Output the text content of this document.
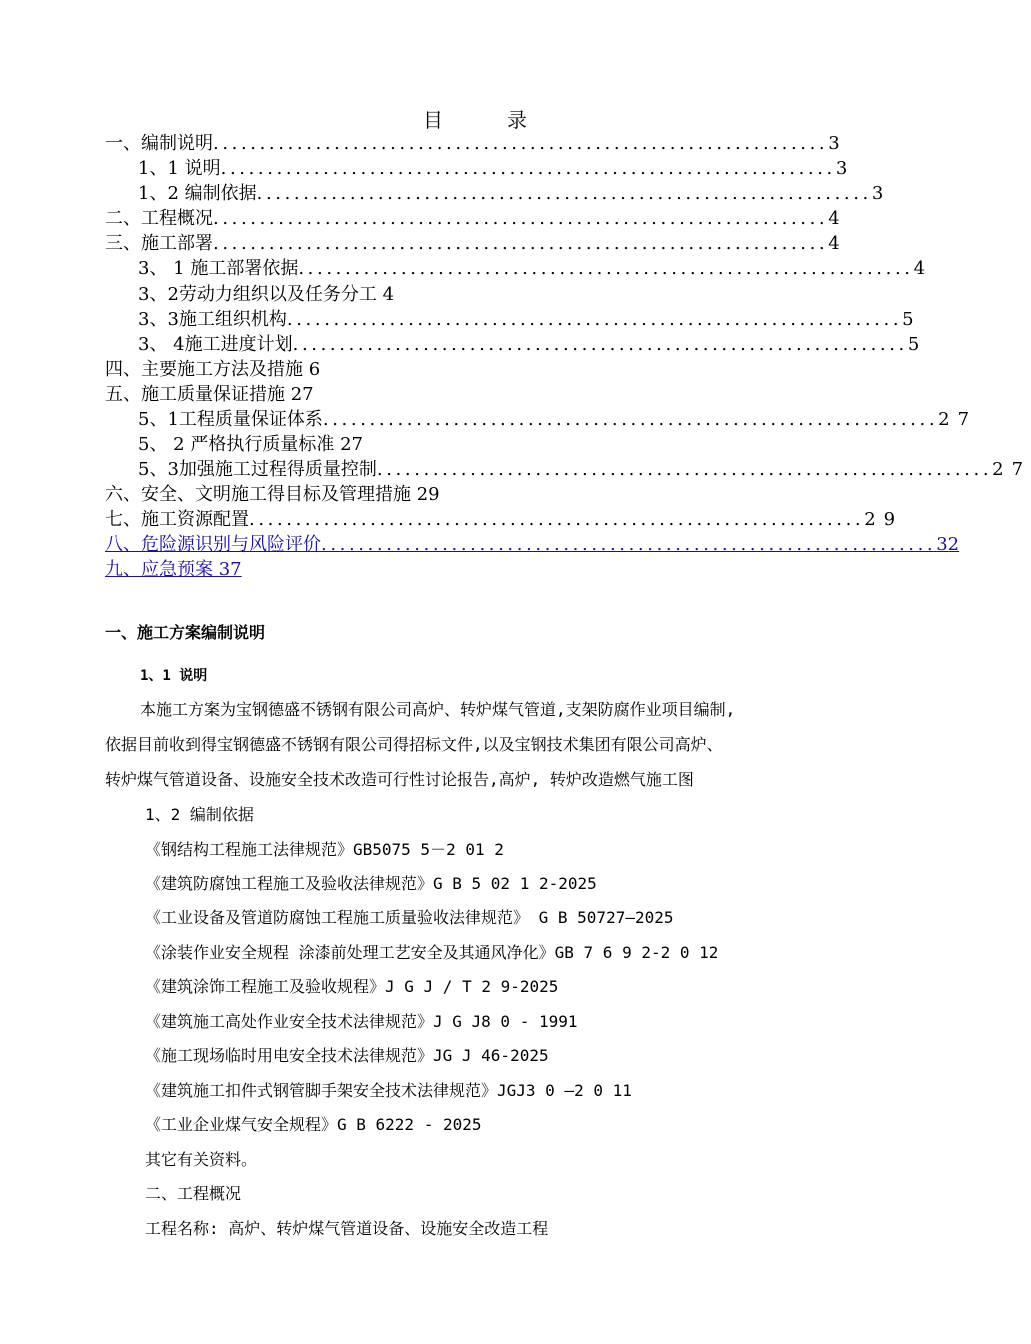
目　录
一、编制说明 .................................................................. 3
1、1 说明 .................................................................. 3
1、2 编制依据 .................................................................. 3
二、工程概况 .................................................................. 4
三、施工部署 .................................................................. 4
3、 1 施工部署依据 .................................................................. 4
3、2劳动力组织以及任务分工 4
3、3施工组织机构 .................................................................. 5
3、 4施工进度计划 .................................................................. 5
四、主要施工方法及措施 6
五、施工质量保证措施 27
5、1工程质量保证体系 .................................................................. 27
5、 2 严格执行质量标准 27
5、3加强施工过程得质量控制 .................................................................. 27
六、安全、文明施工得目标及管理措施 29
七、施工资源配置 .................................................................. 29
八、危险源识别与风险评价 .................................................................. 32
九、应急预案 37
一、施工方案编制说明
1、1 说明
本施工方案为宝钢德盛不锈钢有限公司高炉、转炉煤气管道,支架防腐作业项目编制,
依据目前收到得宝钢德盛不锈钢有限公司得招标文件,以及宝钢技术集团有限公司高炉、
转炉煤气管道设备、设施安全技术改造可行性讨论报告,高炉, 转炉改造燃气施工图
1、2 编制依据
《钢结构工程施工法律规范》GB5075 5－2 01 2
《建筑防腐蚀工程施工及验收法律规范》G B 5 02 1 2-2025
《工业设备及管道防腐蚀工程施工质量验收法律规范》 G B 50727—2025
《涂装作业安全规程 涂漆前处理工艺安全及其通风净化》GB 7 6 9 2-2 0 12
《建筑涂饰工程施工及验收规程》J G J / T 2 9-2025
《建筑施工高处作业安全技术法律规范》J G J8 0 - 1991
《施工现场临时用电安全技术法律规范》JG J 46-2025
《建筑施工扣件式钢管脚手架安全技术法律规范》JGJ3 0 —2 0 11
《工业企业煤气安全规程》G B 6222 - 2025
其它有关资料。
二、工程概况
工程名称: 高炉、转炉煤气管道设备、设施安全改造工程
